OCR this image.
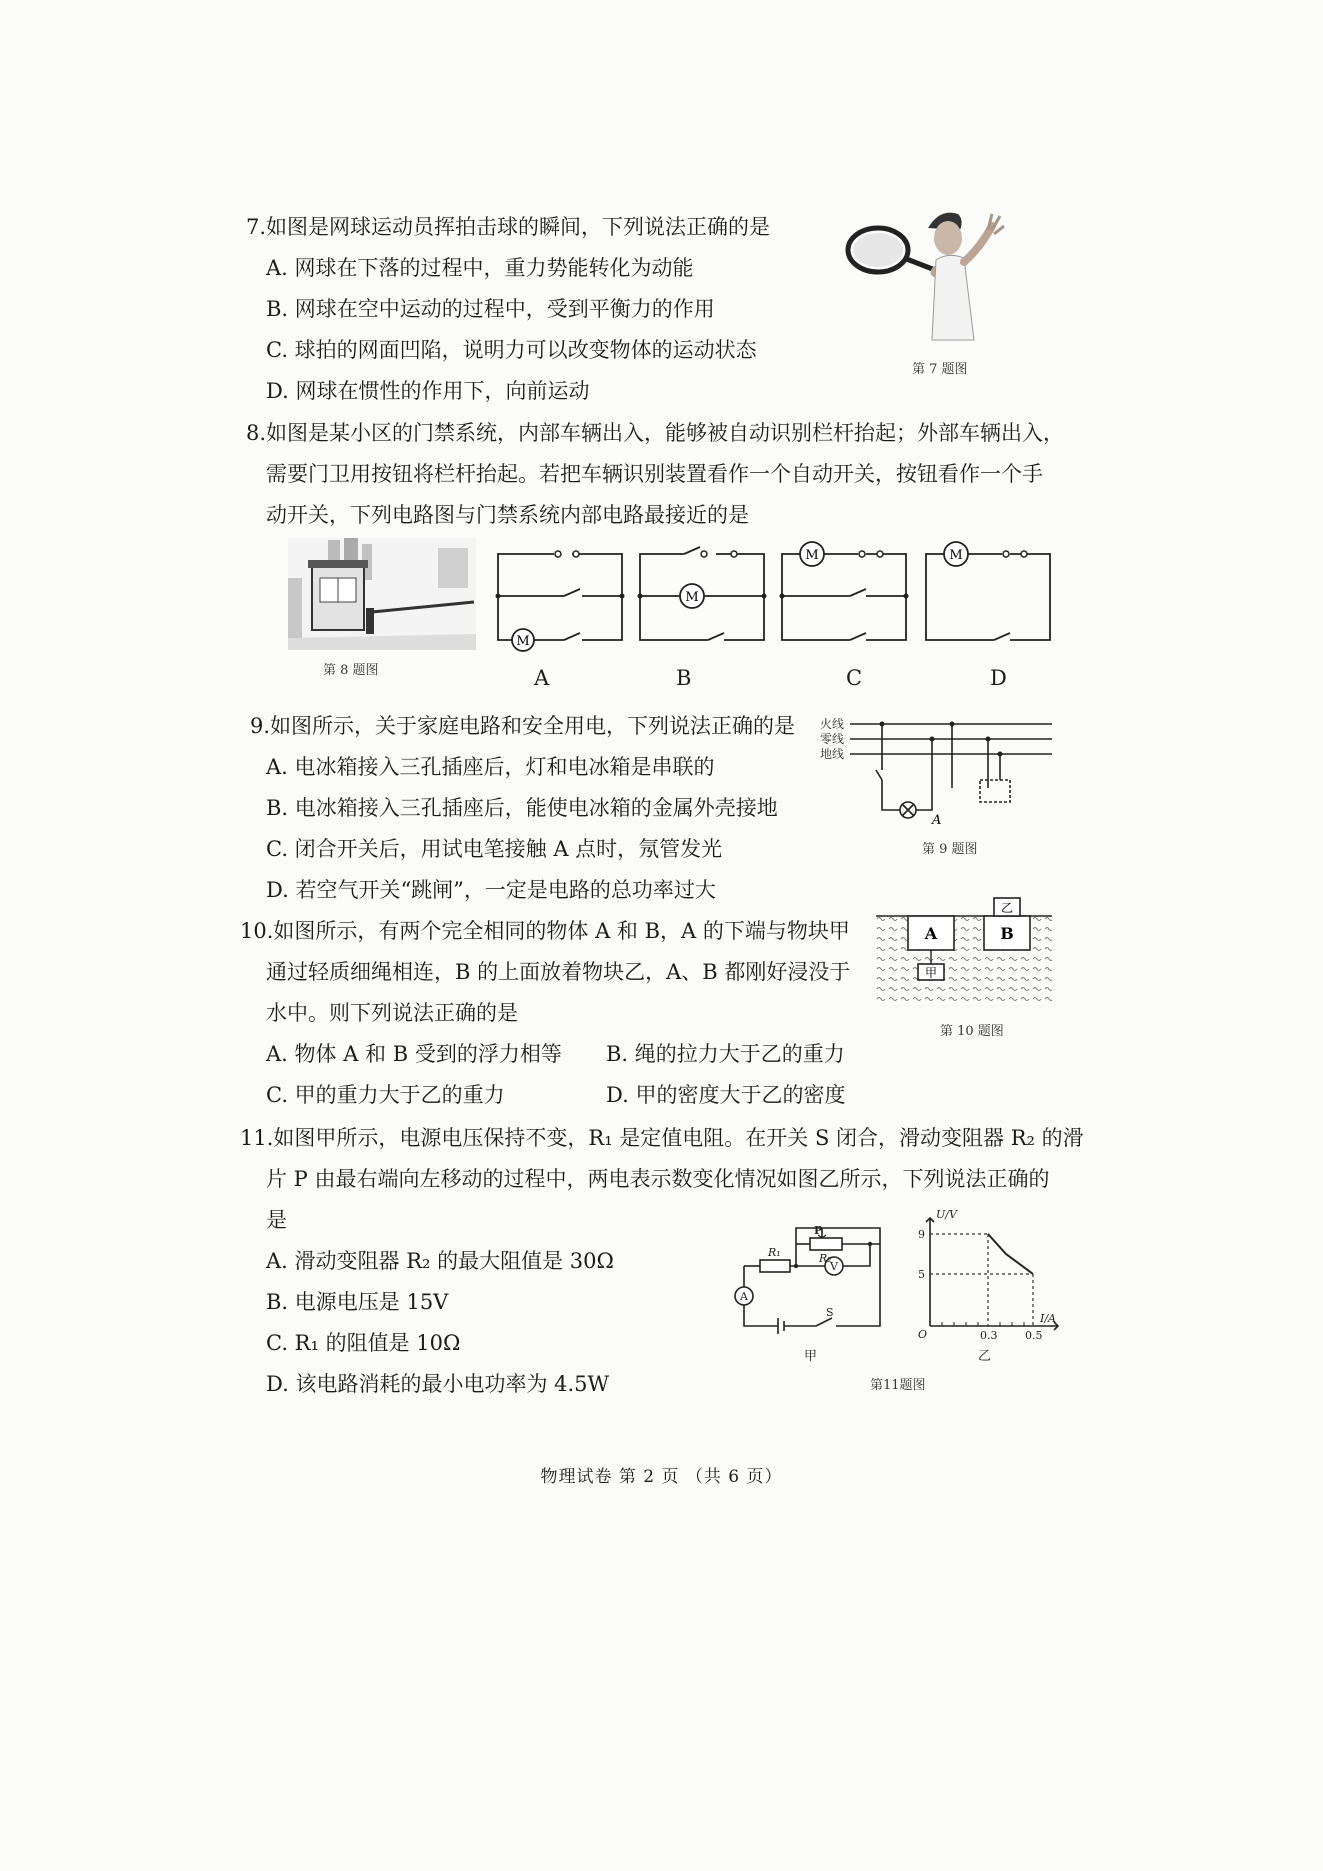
7.如图是网球运动员挥拍击球的瞬间，下列说法正确的是
A. 网球在下落的过程中，重力势能转化为动能
B. 网球在空中运动的过程中，受到平衡力的作用
C. 球拍的网面凹陷，说明力可以改变物体的运动状态
D. 网球在惯性的作用下，向前运动
第 7 题图
8.如图是某小区的门禁系统，内部车辆出入，能够被自动识别栏杆抬起；外部车辆出入，
需要门卫用按钮将栏杆抬起。若把车辆识别装置看作一个自动开关，按钮看作一个手
动开关，下列电路图与门禁系统内部电路最接近的是
第 8 题图
M
A
M
B
M
C
M
D
9.如图所示，关于家庭电路和安全用电，下列说法正确的是
A. 电冰箱接入三孔插座后，灯和电冰箱是串联的
B. 电冰箱接入三孔插座后，能使电冰箱的金属外壳接地
C. 闭合开关后，用试电笔接触 A 点时，氖管发光
D. 若空气开关“跳闸”，一定是电路的总功率过大
火线
零线
地线
A
第 9 题图
10.如图所示，有两个完全相同的物体 A 和 B，A 的下端与物块甲
通过轻质细绳相连，B 的上面放着物块乙，A、B 都刚好浸没于
水中。则下列说法正确的是
A. 物体 A 和 B 受到的浮力相等 B. 绳的拉力大于乙的重力
C. 甲的重力大于乙的重力	D. 甲的密度大于乙的密度
A	B
甲
乙
第 10 题图
11.如图甲所示，电源电压保持不变，R₁ 是定值电阻。在开关 S 闭合，滑动变阻器 R₂ 的滑
片 P 由最右端向左移动的过程中，两电表示数变化情况如图乙所示，下列说法正确的
是
A. 滑动变阻器 R₂ 的最大阻值是 30Ω
B. 电源电压是 15V
C. R₁ 的阻值是 10Ω
D. 该电路消耗的最小电功率为 4.5W
P
R₁	R₂
A
V
S
甲
U/V
I/A
O
9
5
0.3	0.5
乙
第11题图
物理试卷 第 2 页 （共 6 页）
